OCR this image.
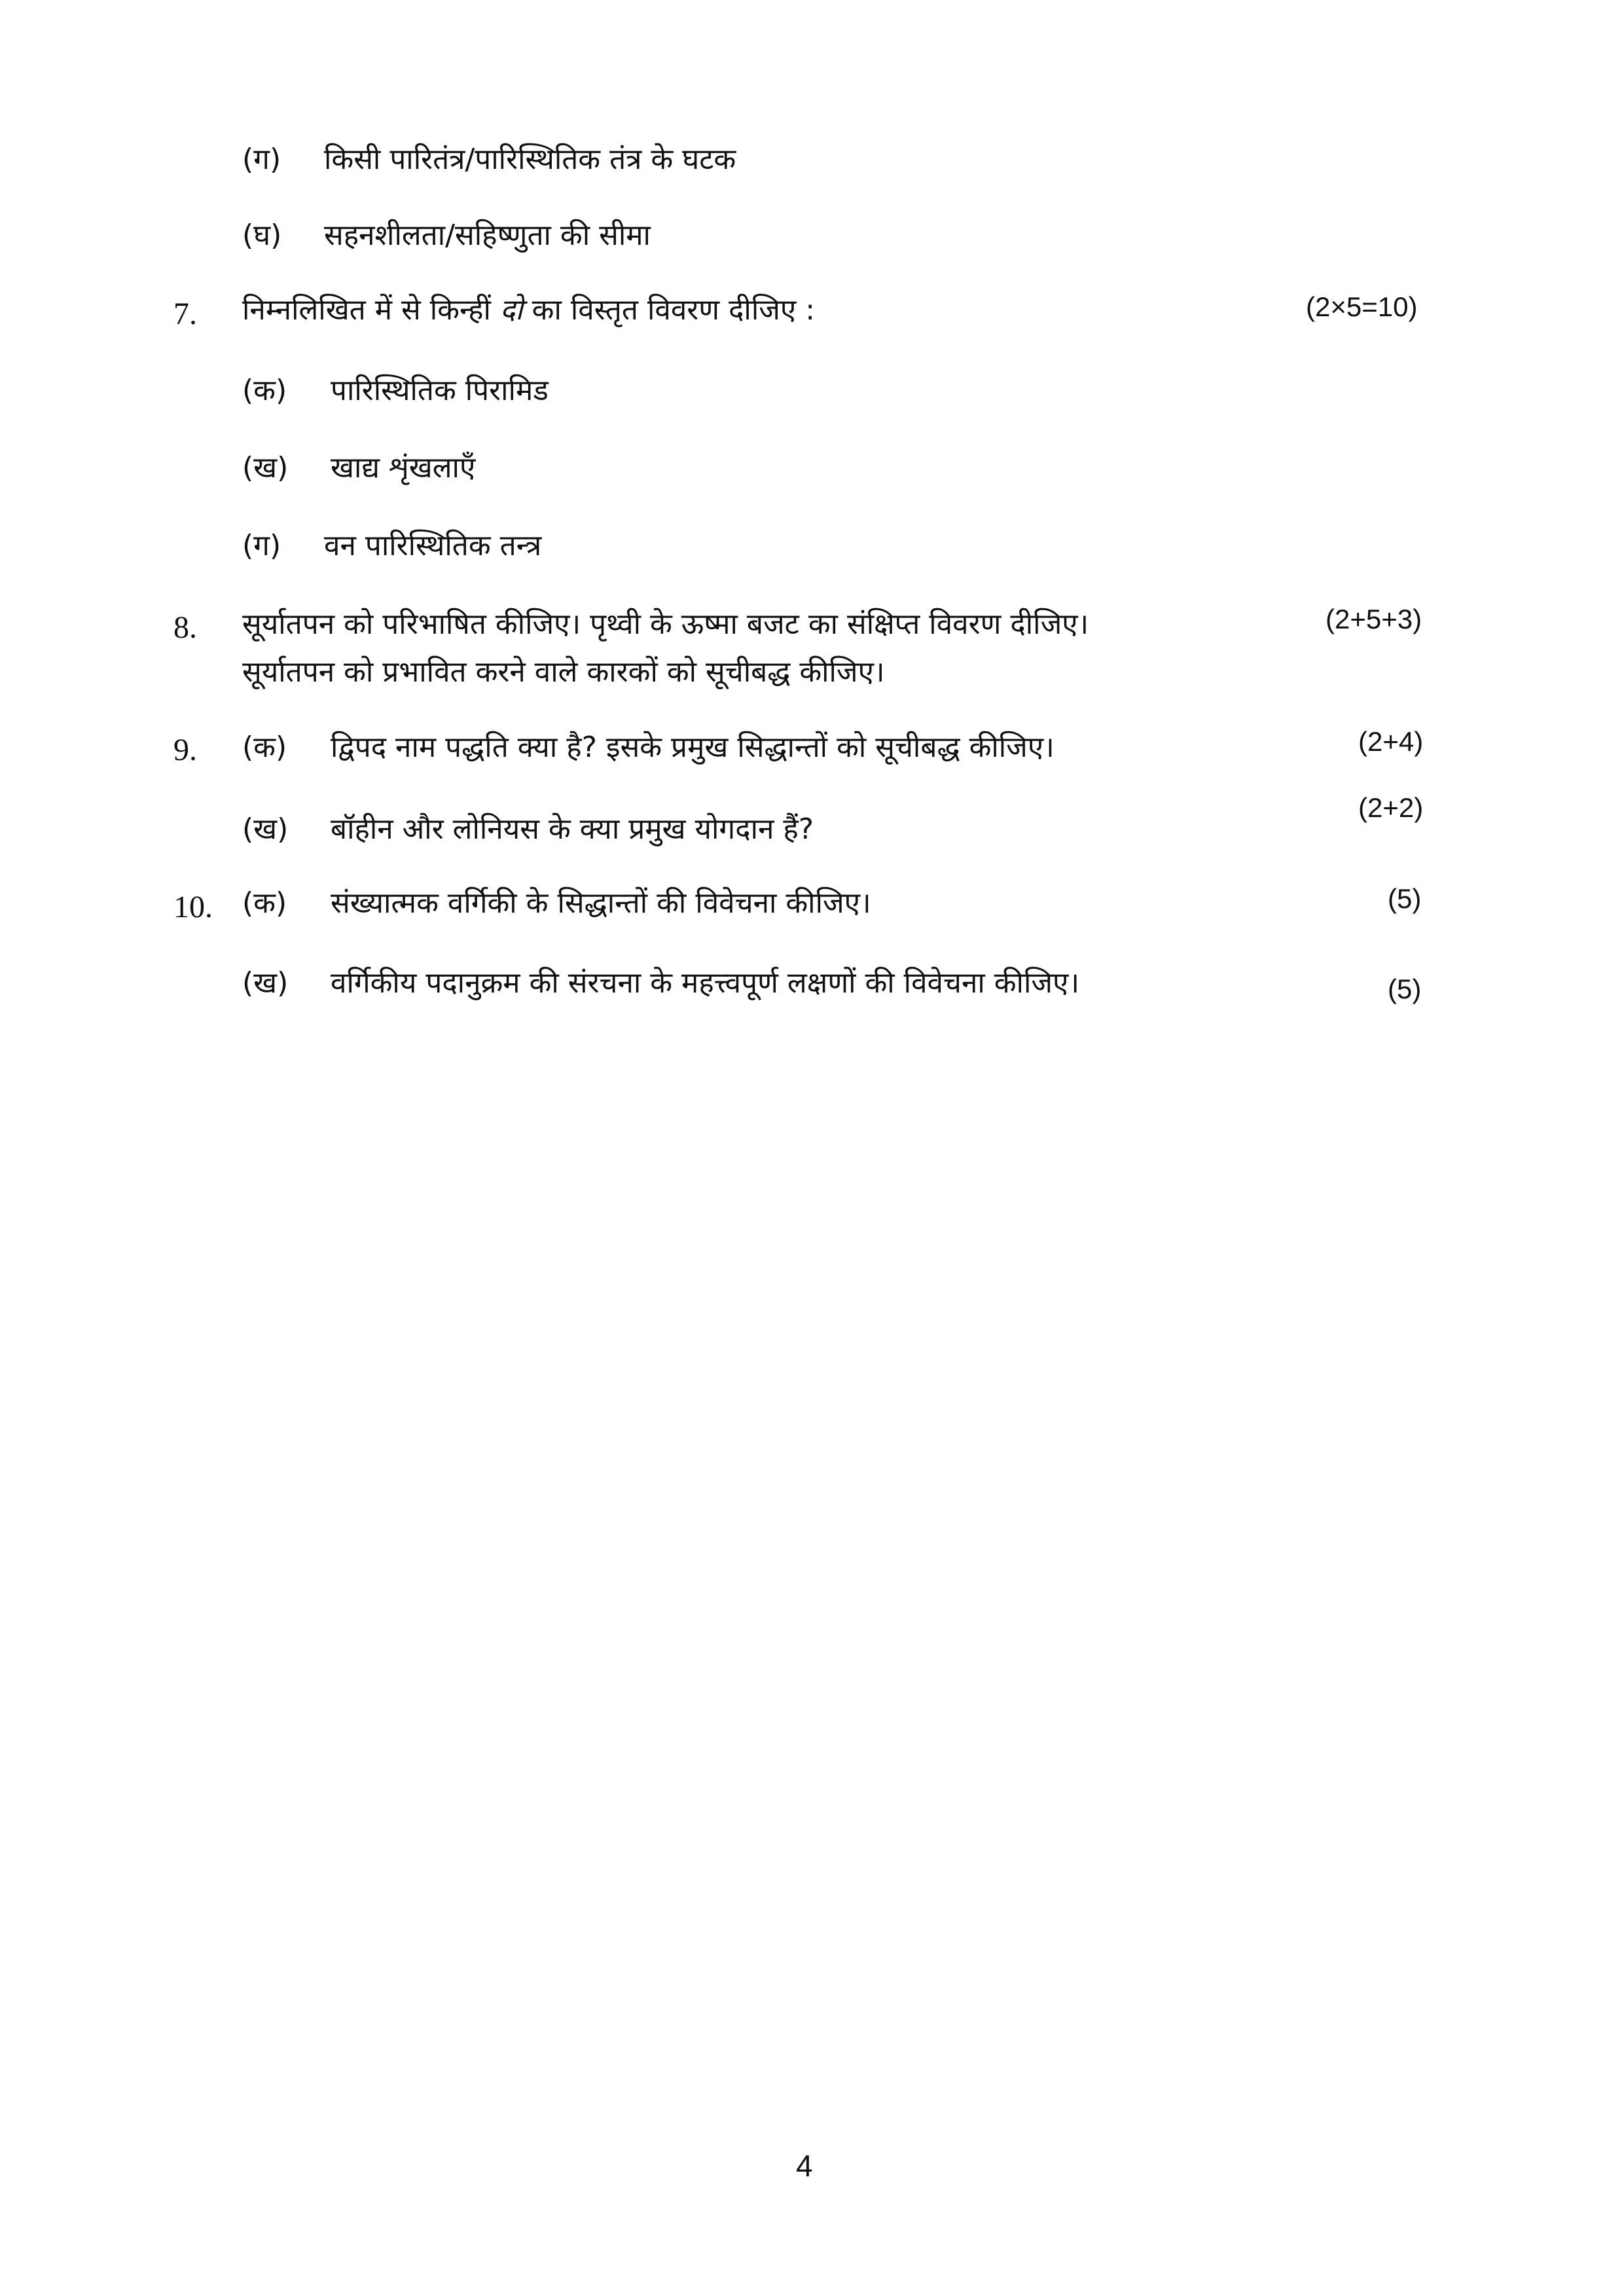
(ग) किसी पारितंत्र/पारिस्थितिक तंत्र के घटक
(घ) सहनशीलता/सहिष्णुता की सीमा
7. निम्नलिखित में से किन्हीं दो का विस्तृत विवरण दीजिए :	(2×5=10)
(क) पारिस्थितिक पिरामिड
(ख) खाद्य शृंखलाएँ
(ग) वन पारिस्थितिक तन्त्र
8. सूर्यातपन को परिभाषित कीजिए। पृथ्वी के ऊष्मा बजट का संक्षिप्त विवरण दीजिए।
सूर्यातपन को प्रभावित करने वाले कारकों को सूचीबद्ध कीजिए।
(2+5+3)
9. (क) द्विपद नाम पद्धति क्या है? इसके प्रमुख सिद्धान्तों को सूचीबद्ध कीजिए।	(2+4)
(ख) बॉहीन और लोनियस के क्या प्रमुख योगदान हैं?
(2+2)
10. (क) संख्यात्मक वर्गिकी के सिद्धान्तों की विवेचना कीजिए।	(5)
(ख) वर्गिकीय पदानुक्रम की संरचना के महत्त्वपूर्ण लक्षणों की विवेचना कीजिए।	(5)
4
